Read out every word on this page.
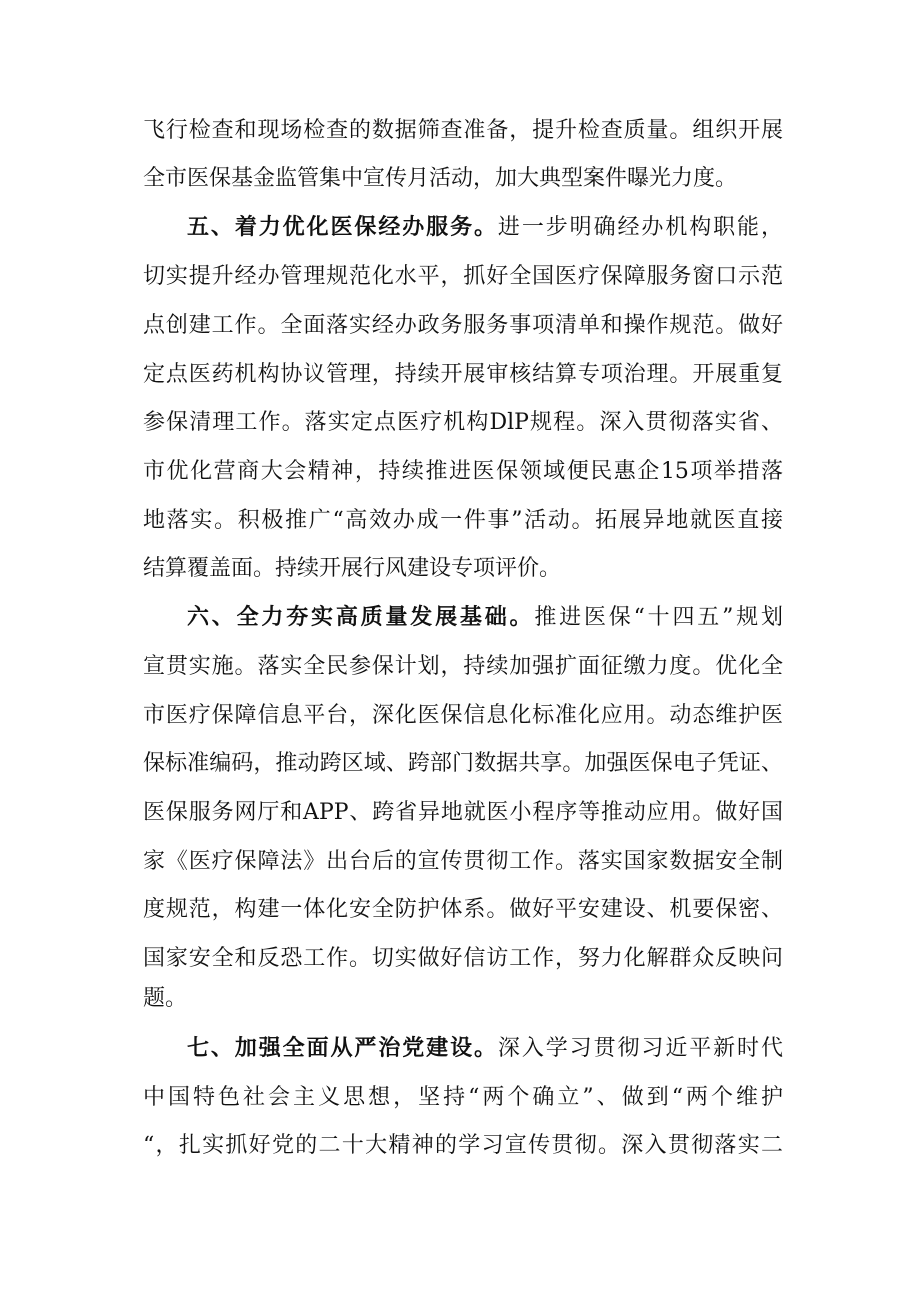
飞行检查和现场检查的数据筛查准备，提升检查质量。组织开展
全市医保基金监管集中宣传月活动，加大典型案件曝光力度。
五、着力优化医保经办服务。进一步明确经办机构职能，
切实提升经办管理规范化水平，抓好全国医疗保障服务窗口示范
点创建工作。全面落实经办政务服务事项清单和操作规范。做好
定点医药机构协议管理，持续开展审核结算专项治理。开展重复
参保清理工作。落实定点医疗机构DlP规程。深入贯彻落实省、
市优化营商大会精神，持续推进医保领域便民惠企15项举措落
地落实。积极推广“高效办成一件事”活动。拓展异地就医直接
结算覆盖面。持续开展行风建设专项评价。
六、全力夯实高质量发展基础。推进医保“十四五”规划
宣贯实施。落实全民参保计划，持续加强扩面征缴力度。优化全
市医疗保障信息平台，深化医保信息化标准化应用。动态维护医
保标准编码，推动跨区域、跨部门数据共享。加强医保电子凭证、
医保服务网厅和APP、跨省异地就医小程序等推动应用。做好国
家《医疗保障法》出台后的宣传贯彻工作。落实国家数据安全制
度规范，构建一体化安全防护体系。做好平安建设、机要保密、
国家安全和反恐工作。切实做好信访工作，努力化解群众反映问
题。
七、加强全面从严治党建设。深入学习贯彻习近平新时代
中国特色社会主义思想，坚持“两个确立”、做到“两个维护
“，扎实抓好党的二十大精神的学习宣传贯彻。深入贯彻落实二
